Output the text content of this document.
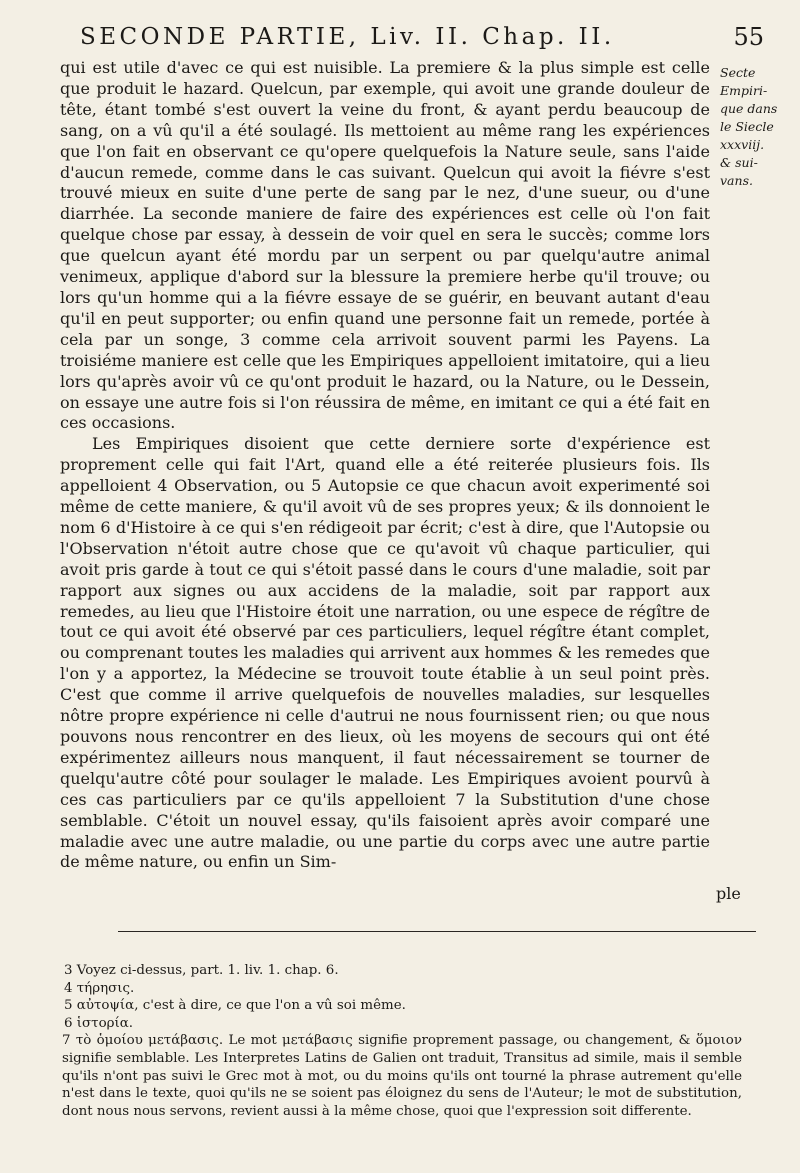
SECONDE PARTIE, Liv. II. Chap. II.	55
Secte
Empiri-
que dans
le Siecle
xxxviij.
& sui-
vans.

qui est utile d'avec ce qui est nuisible. La premiere & la plus simple est celle que produit le hazard. Quelcun, par exemple, qui avoit une grande douleur de tête, étant tombé s'est ouvert la veine du front, & ayant perdu beaucoup de sang, on a vû qu'il a été soulagé. Ils mettoient au même rang les expériences que l'on fait en observant ce qu'opere quelquefois la Nature seule, sans l'aide d'aucun remede, comme dans le cas suivant. Quelcun qui avoit la fiévre s'est trouvé mieux en suite d'une perte de sang par le nez, d'une sueur, ou d'une diarrhée. La seconde maniere de faire des expériences est celle où l'on fait quelque chose par essay, à dessein de voir quel en sera le succès; comme lors que quelcun ayant été mordu par un serpent ou par quelqu'autre animal venimeux, applique d'abord sur la blessure la premiere herbe qu'il trouve; ou lors qu'un homme qui a la fiévre essaye de se guérir, en beuvant autant d'eau qu'il en peut supporter; ou enfin quand une personne fait un remede, portée à cela par un songe, 3 comme cela arrivoit souvent parmi les Payens. La troisiéme maniere est celle que les Empiriques appelloient imitatoire, qui a lieu lors qu'après avoir vû ce qu'ont produit le hazard, ou la Nature, ou le Dessein, on essaye une autre fois si l'on réussira de même, en imitant ce qui a été fait en ces occasions.

Les Empiriques disoient que cette derniere sorte d'expérience est proprement celle qui fait l'Art, quand elle a été reiterée plusieurs fois. Ils appelloient 4 Observation, ou 5 Autopsie ce que chacun avoit experimenté soi même de cette maniere, & qu'il avoit vû de ses propres yeux; & ils donnoient le nom 6 d'Histoire à ce qui s'en rédigeoit par écrit; c'est à dire, que l'Autopsie ou l'Observation n'étoit autre chose que ce qu'avoit vû chaque particulier, qui avoit pris garde à tout ce qui s'étoit passé dans le cours d'une maladie, soit par rapport aux signes ou aux accidens de la maladie, soit par rapport aux remedes, au lieu que l'Histoire étoit une narration, ou une espece de régître de tout ce qui avoit été observé par ces particuliers, lequel régître étant complet, ou comprenant toutes les maladies qui arrivent aux hommes & les remedes que l'on y a apportez, la Médecine se trouvoit toute établie à un seul point près. C'est que comme il arrive quelquefois de nouvelles maladies, sur lesquelles nôtre propre expérience ni celle d'autrui ne nous fournissent rien; ou que nous pouvons nous rencontrer en des lieux, où les moyens de secours qui ont été expérimentez ailleurs nous manquent, il faut nécessairement se tourner de quelqu'autre côté pour soulager le malade. Les Empiriques avoient pourvû à ces cas particuliers par ce qu'ils appelloient 7 la Substitution d'une chose semblable. C'étoit un nouvel essay, qu'ils faisoient après avoir comparé une maladie avec une autre maladie, ou une partie du corps avec une autre partie de même nature, ou enfin un Sim-

ple

3 Voyez ci-dessus, part. 1. liv. 1. chap. 6.

4 τήρησις.

5 αὐτοψία, c'est à dire, ce que l'on a vû soi même.

6 ἱστορία.

7 τὸ ὁμοίου μετάβασις. Le mot μετάβασις signifie proprement passage, ou changement, & ὅμοιον signifie semblable. Les Interpretes Latins de Galien ont traduit, Transitus ad simile, mais il semble qu'ils n'ont pas suivi le Grec mot à mot, ou du moins qu'ils ont tourné la phrase autrement qu'elle n'est dans le texte, quoi qu'ils ne se soient pas éloignez du sens de l'Auteur; le mot de substitution, dont nous nous servons, revient aussi à la même chose, quoi que l'expression soit differente.
